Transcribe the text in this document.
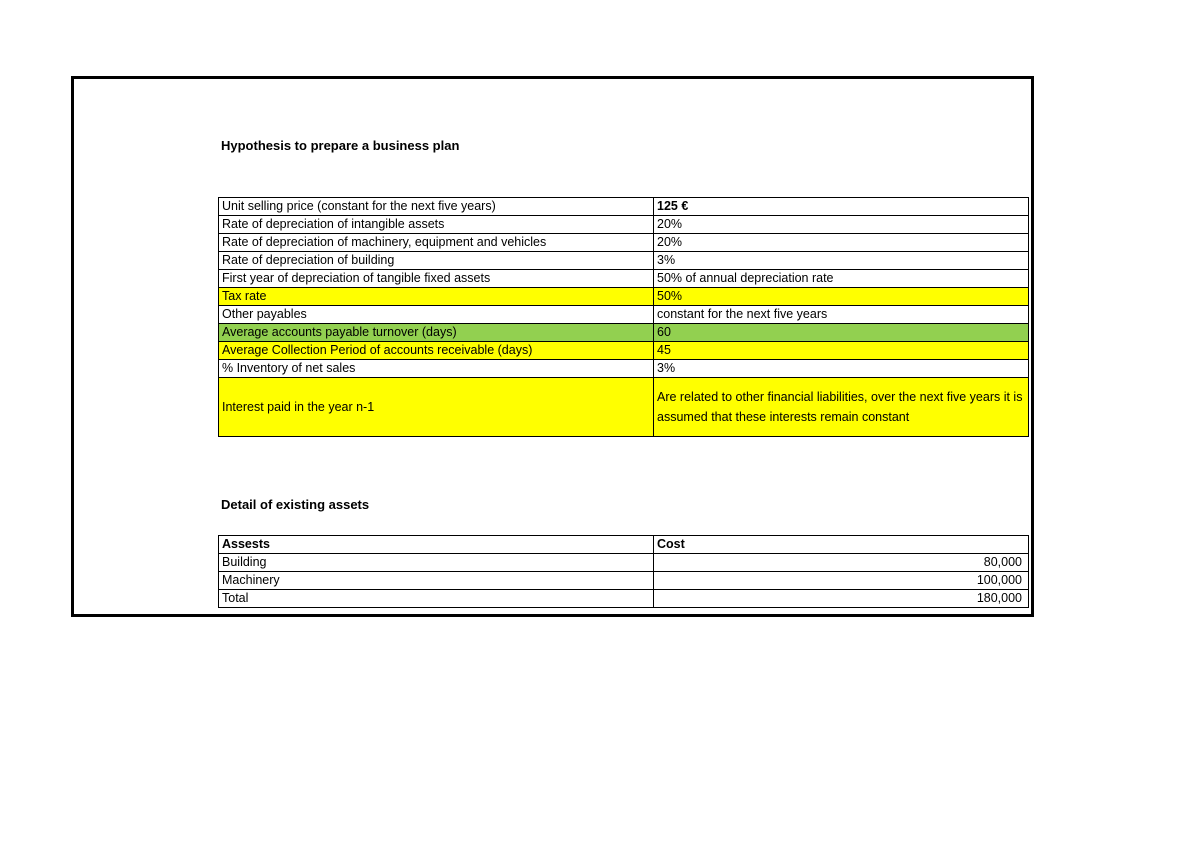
Hypothesis to prepare a business plan
Unit selling price (constant for the next five years)	125 €
Rate of depreciation of intangible assets	20%
Rate of depreciation of machinery, equipment and vehicles	20%
Rate of depreciation of building	3%
First year of depreciation of tangible fixed assets	50% of annual depreciation rate
Tax rate	50%
Other payables	constant for the next five years
Average accounts payable turnover (days)	60
Average Collection Period of accounts receivable (days)	45
% Inventory of net sales	3%
Interest paid in the year n-1	Are related to other financial liabilities, over the next five years it is assumed that these interests remain constant
Detail of existing assets
Assests	Cost
Building	80,000
Machinery	100,000
Total	180,000
